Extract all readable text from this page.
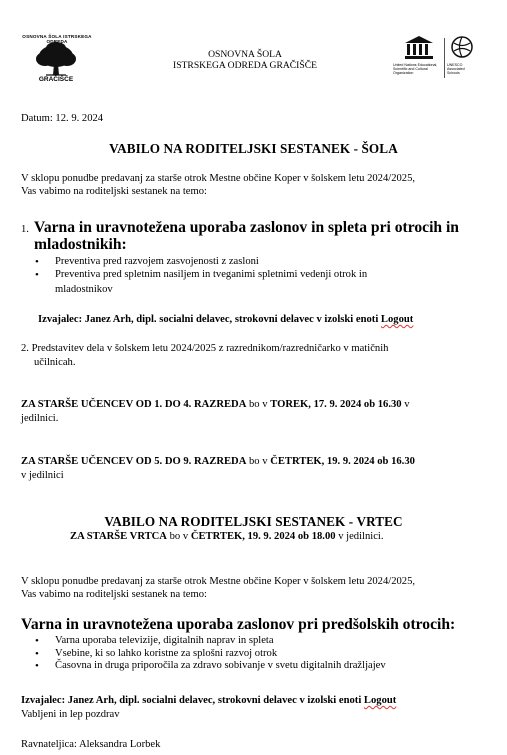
OSNOVNA ŠOLA ISTRSKEGA ODREDA
GRAČIŠČE
OSNOVNA ŠOLA
ISTRSKEGA ODREDA GRAČIŠČE	United Nations Educational, Scientific and Cultural Organization
UNESCO Associated Schools
Datum: 12. 9. 2024
VABILO NA RODITELJSKI SESTANEK - ŠOLA
V sklopu ponudbe predavanj za starše otrok Mestne občine Koper v šolskem letu 2024/2025,
Vas vabimo na roditeljski sestanek na temo:
1. Varna in uravnotežena uporaba zaslonov in spleta pri otrocih in
mladostnikih:
• Preventiva pred razvojem zasvojenosti z zasloni
• Preventiva pred spletnim nasiljem in tveganimi spletnimi vedenji otrok in
mladostnikov
Izvajalec: Janez Arh, dipl. socialni delavec, strokovni delavec v izolski enoti Logout
2. Predstavitev dela v šolskem letu 2024/2025 z razrednikom/razredničarko v matičnih
učilnicah.
ZA STARŠE UČENCEV OD 1. DO 4. RAZREDA bo v TOREK, 17. 9. 2024 ob 16.30 v
jedilnici.
ZA STARŠE UČENCEV OD 5. DO 9. RAZREDA bo v ČETRTEK, 19. 9. 2024 ob 16.30
v jedilnici
VABILO NA RODITELJSKI SESTANEK - VRTEC
ZA STARŠE VRTCA bo v ČETRTEK, 19. 9. 2024 ob 18.00 v jedilnici.
V sklopu ponudbe predavanj za starše otrok Mestne občine Koper v šolskem letu 2024/2025,
Vas vabimo na roditeljski sestanek na temo:
Varna in uravnotežena uporaba zaslonov pri predšolskih otrocih:
• Varna uporaba televizije, digitalnih naprav in spleta
• Vsebine, ki so lahko koristne za splošni razvoj otrok
• Časovna in druga priporočila za zdravo sobivanje v svetu digitalnih dražljajev
Izvajalec: Janez Arh, dipl. socialni delavec, strokovni delavec v izolski enoti Logout
Vabljeni in lep pozdrav
Ravnateljica: Aleksandra Lorbek
